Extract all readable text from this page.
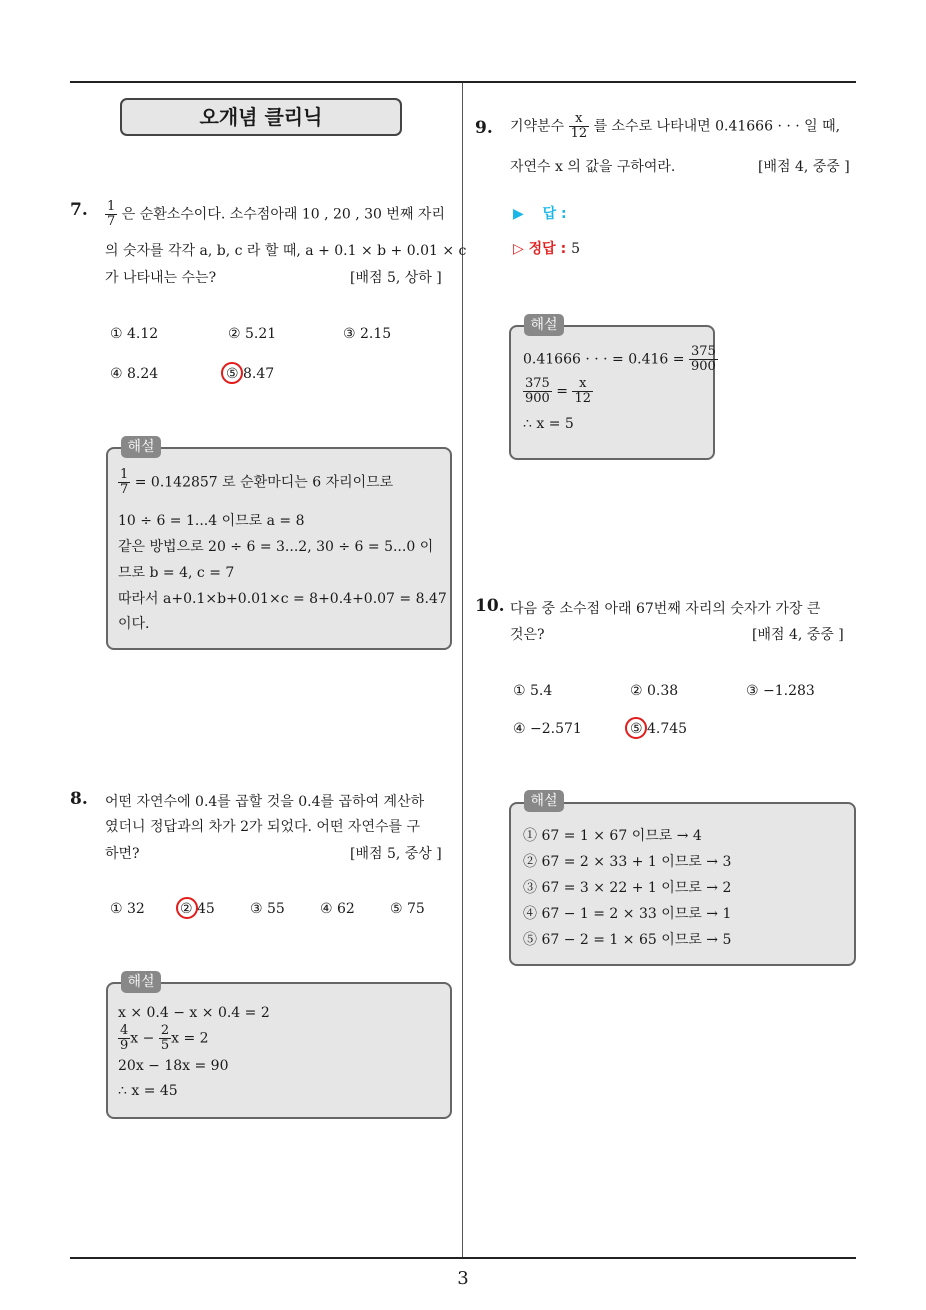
3
오개념 클리닉
7. $\frac{1}{7}$ 은 순환소수이다. 소수점아래 10 , 20 , 30 번째 자리
의 숫자를 각각 a, b, c 라 할 때, a + 0.1 × b + 0.01 × c
가 나타내는 수는?	[배점 5, 상하 ]
① 4.12	② 5.21	③ 2.15
④ 8.24	⑤ 8.47
해설
$\frac{1}{7} = 0.142857$ 로 순환마디는 6 자리이므로
10 ÷ 6 = 1...4 이므로 a = 8
같은 방법으로 20 ÷ 6 = 3...2, 30 ÷ 6 = 5...0 이
므로 b = 4, c = 7
따라서 a+0.1×b+0.01×c = 8+0.4+0.07 = 8.47
이다.
8. 어떤 자연수에 0.4를 곱할 것을 0.4를 곱하여 계산하
였더니 정답과의 차가 2가 되었다. 어떤 자연수를 구
하면?	[배점 5, 중상 ]
① 32	② 45	③ 55	④ 62	⑤ 75
해설
x × 0.4 − x × 0.4 = 2
$\frac{4}{9}$ $x - \frac{2}{5}$ x = 2
20x − 18x = 90
∴ x = 45
9. 기약분수 $\frac{x}{12}$ 를 소수로 나타내면 0.41666 · · · 일 때,
자연수 x 의 값을 구하여라.	[배점 4, 중중 ]
▶ 답 :
▷ 정답 : 5
해설
0.41666 · · · = $0.416 = \frac{375}{900}$
$\frac{375}{900} = \frac{x}{12}$
∴ x = 5
10. 다음 중 소수점 아래 67번째 자리의 숫자가 가장 큰
것은?	[배점 4, 중중 ]
① 5.4	② 0.38	③ −1.283
④ −2.571	⑤ 4.745
해설
① 67 = 1 × 67 이므로 → 4
② 67 = 2 × 33 + 1 이므로 → 3
③ 67 = 3 × 22 + 1 이므로 → 2
④ 67 − 1 = 2 × 33 이므로 → 1
⑤ 67 − 2 = 1 × 65 이므로 → 5
